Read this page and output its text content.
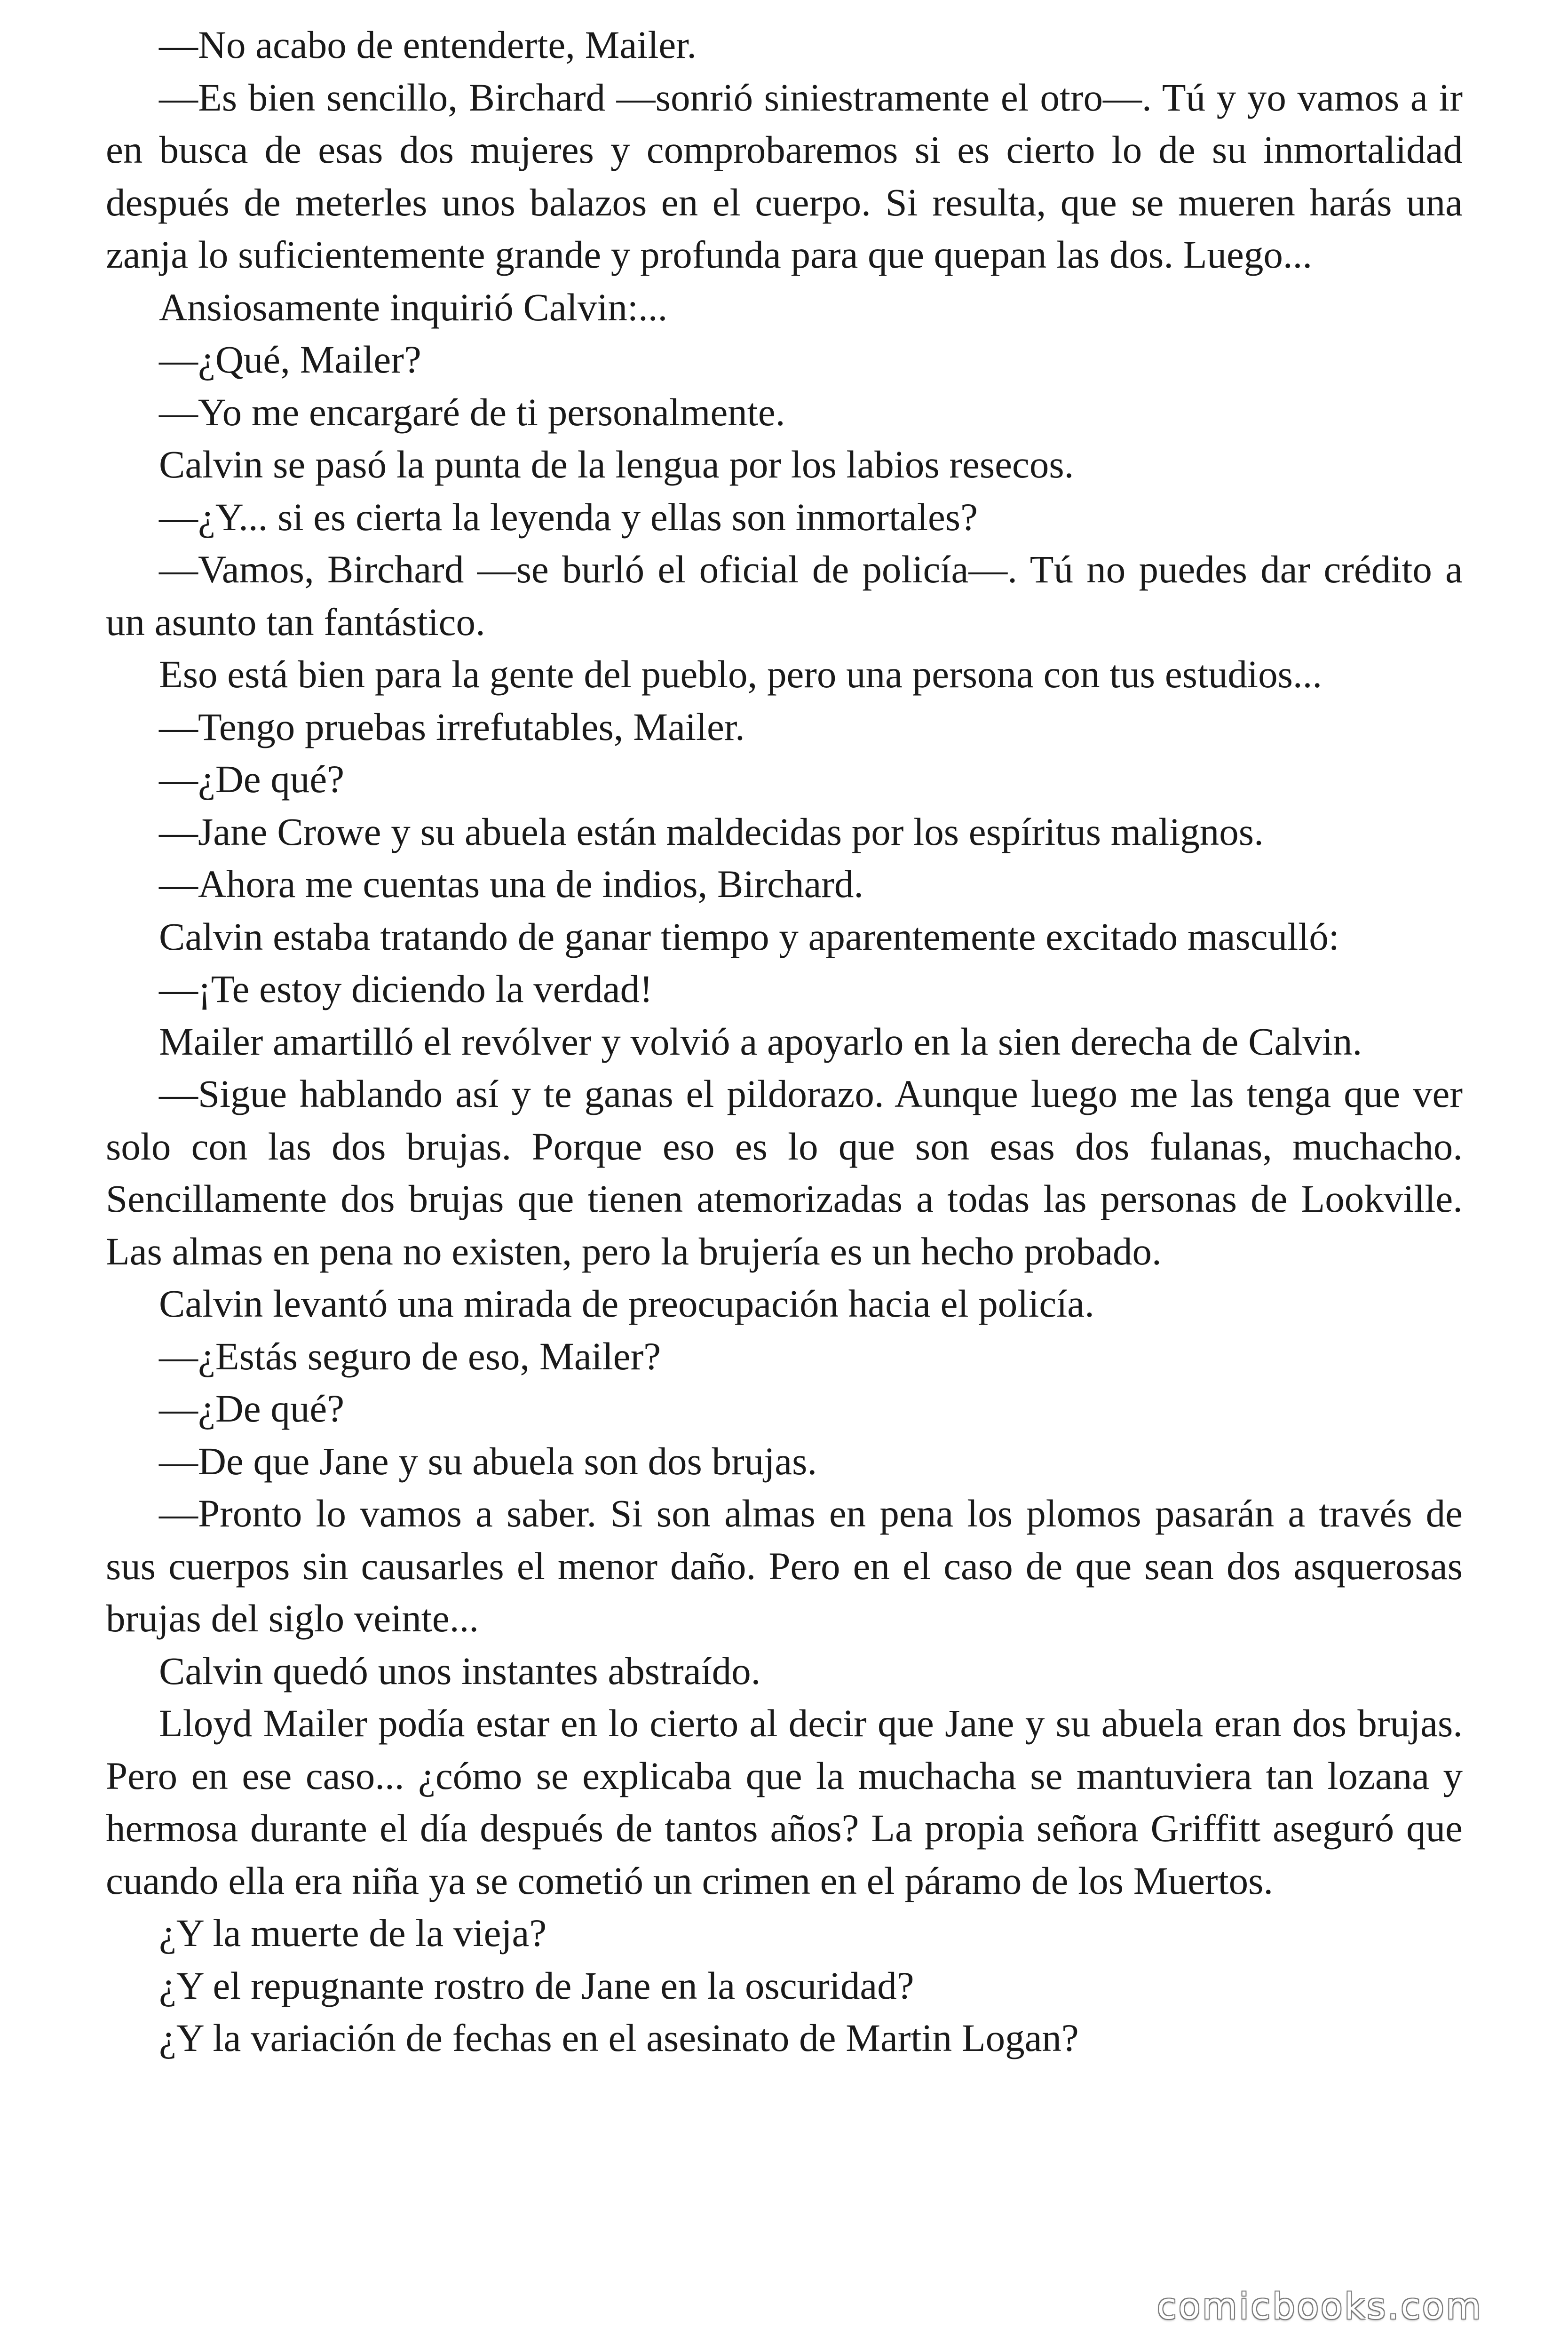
—No acabo de entenderte, Mailer.

—Es bien sencillo, Birchard —sonrió siniestramente el otro—. Tú y yo vamos a ir en busca de esas dos mujeres y comprobaremos si es cierto lo de su inmortalidad después de meterles unos balazos en el cuerpo. Si resulta, que se mueren harás una zanja lo suficientemente grande y profunda para que quepan las dos. Luego...

Ansiosamente inquirió Calvin:...

—¿Qué, Mailer?

—Yo me encargaré de ti personalmente.

Calvin se pasó la punta de la lengua por los labios resecos.

—¿Y... si es cierta la leyenda y ellas son inmortales?

—Vamos, Birchard —se burló el oficial de policía—. Tú no puedes dar crédito a un asunto tan fantástico.

Eso está bien para la gente del pueblo, pero una persona con tus estudios...

—Tengo pruebas irrefutables, Mailer.

—¿De qué?

—Jane Crowe y su abuela están maldecidas por los espíritus malignos.

—Ahora me cuentas una de indios, Birchard.

Calvin estaba tratando de ganar tiempo y aparentemente excitado masculló:

—¡Te estoy diciendo la verdad!

Mailer amartilló el revólver y volvió a apoyarlo en la sien derecha de Calvin.

—Sigue hablando así y te ganas el pildorazo. Aunque luego me las tenga que ver solo con las dos brujas. Porque eso es lo que son esas dos fulanas, muchacho. Sencillamente dos brujas que tienen atemorizadas a todas las personas de Lookville. Las almas en pena no existen, pero la brujería es un hecho probado.

Calvin levantó una mirada de preocupación hacia el policía.

—¿Estás seguro de eso, Mailer?

—¿De qué?

—De que Jane y su abuela son dos brujas.

—Pronto lo vamos a saber. Si son almas en pena los plomos pasarán a través de sus cuerpos sin causarles el menor daño. Pero en el caso de que sean dos asquerosas brujas del siglo veinte...

Calvin quedó unos instantes abstraído.

Lloyd Mailer podía estar en lo cierto al decir que Jane y su abuela eran dos brujas. Pero en ese caso... ¿cómo se explicaba que la muchacha se mantuviera tan lozana y hermosa durante el día después de tantos años? La propia señora Griffitt aseguró que cuando ella era niña ya se cometió un crimen en el páramo de los Muertos.

¿Y la muerte de la vieja?

¿Y el repugnante rostro de Jane en la oscuridad?

¿Y la variación de fechas en el asesinato de Martin Logan?

comicbooks.com
